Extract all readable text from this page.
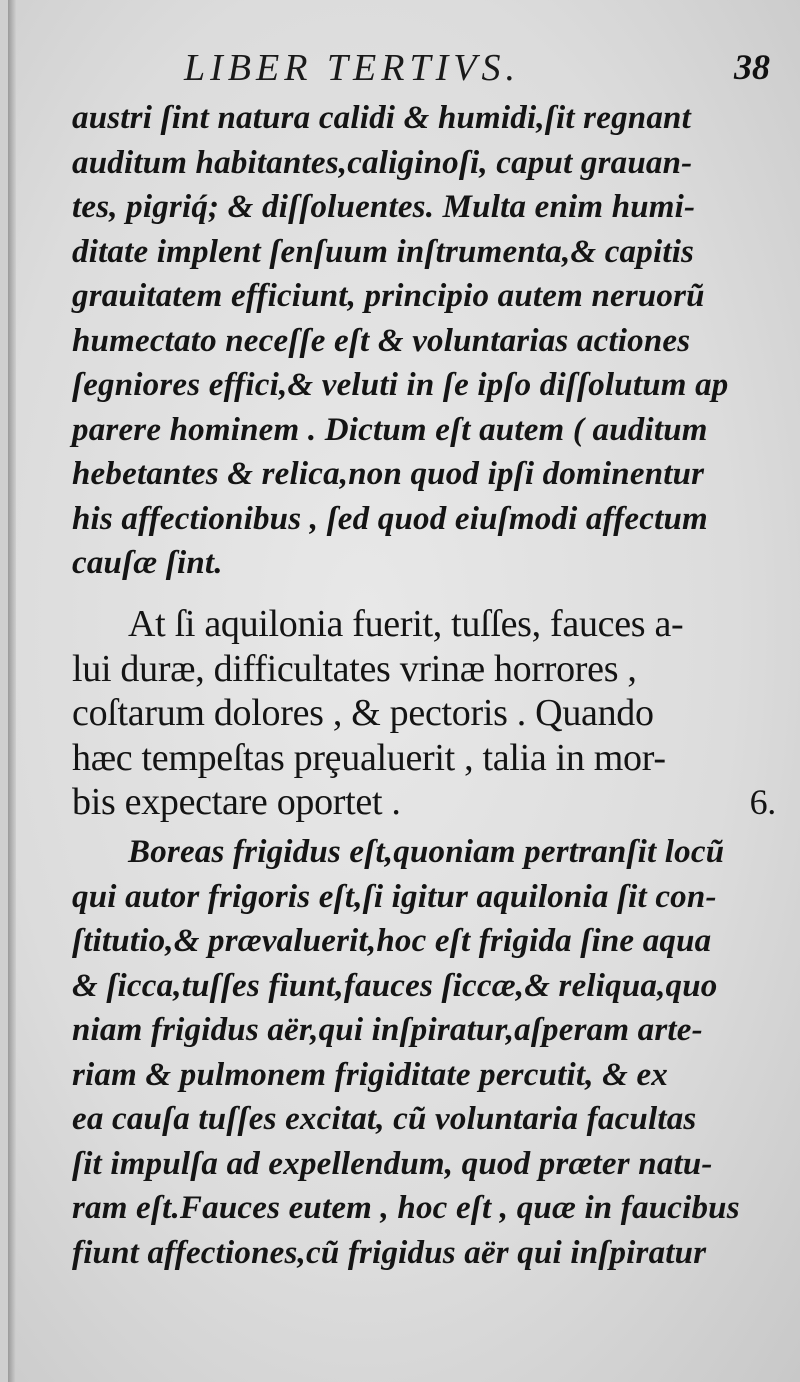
LIBER TERTIVS.	38
austri ſint natura calidi & humidi,ſit regnant
auditum habitantes,caliginoſi, caput grauan-
tes, pigriq́; & diſſoluentes. Multa enim humi-
ditate implent ſenſuum inſtrumenta,& capitis
grauitatem efficiunt, principio autem neruorũ
humectato neceſſe eſt & voluntarias actiones
ſegniores effici,& veluti in ſe ipſo diſſolutum ap
parere hominem . Dictum eſt autem ( auditum
hebetantes & relica,non quod ipſi dominentur
his affectionibus , ſed quod eiuſmodi affectum
cauſæ ſint.
At ſi aquilonia fuerit, tuſſes, fauces a-
lui duræ, difficultates vrinæ horrores ,
coſtarum dolores , & pectoris . Quando
hæc tempeſtas prȩualuerit , talia in mor-
bis expectare oportet .	6.
Boreas frigidus eſt,quoniam pertranſit locũ
qui autor frigoris eſt,ſi igitur aquilonia ſit con-
ſtitutio,& prævaluerit,hoc eſt frigida ſine aqua
& ſicca,tuſſes fiunt,fauces ſiccæ,& reliqua,quo
niam frigidus aër,qui inſpiratur,aſperam arte-
riam & pulmonem frigiditate percutit, & ex
ea cauſa tuſſes excitat, cũ voluntaria facultas
ſit impulſa ad expellendum, quod præter natu-
ram eſt.Fauces eutem , hoc eſt , quæ in faucibus
fiunt affectiones,cũ frigidus aër qui inſpiratur
